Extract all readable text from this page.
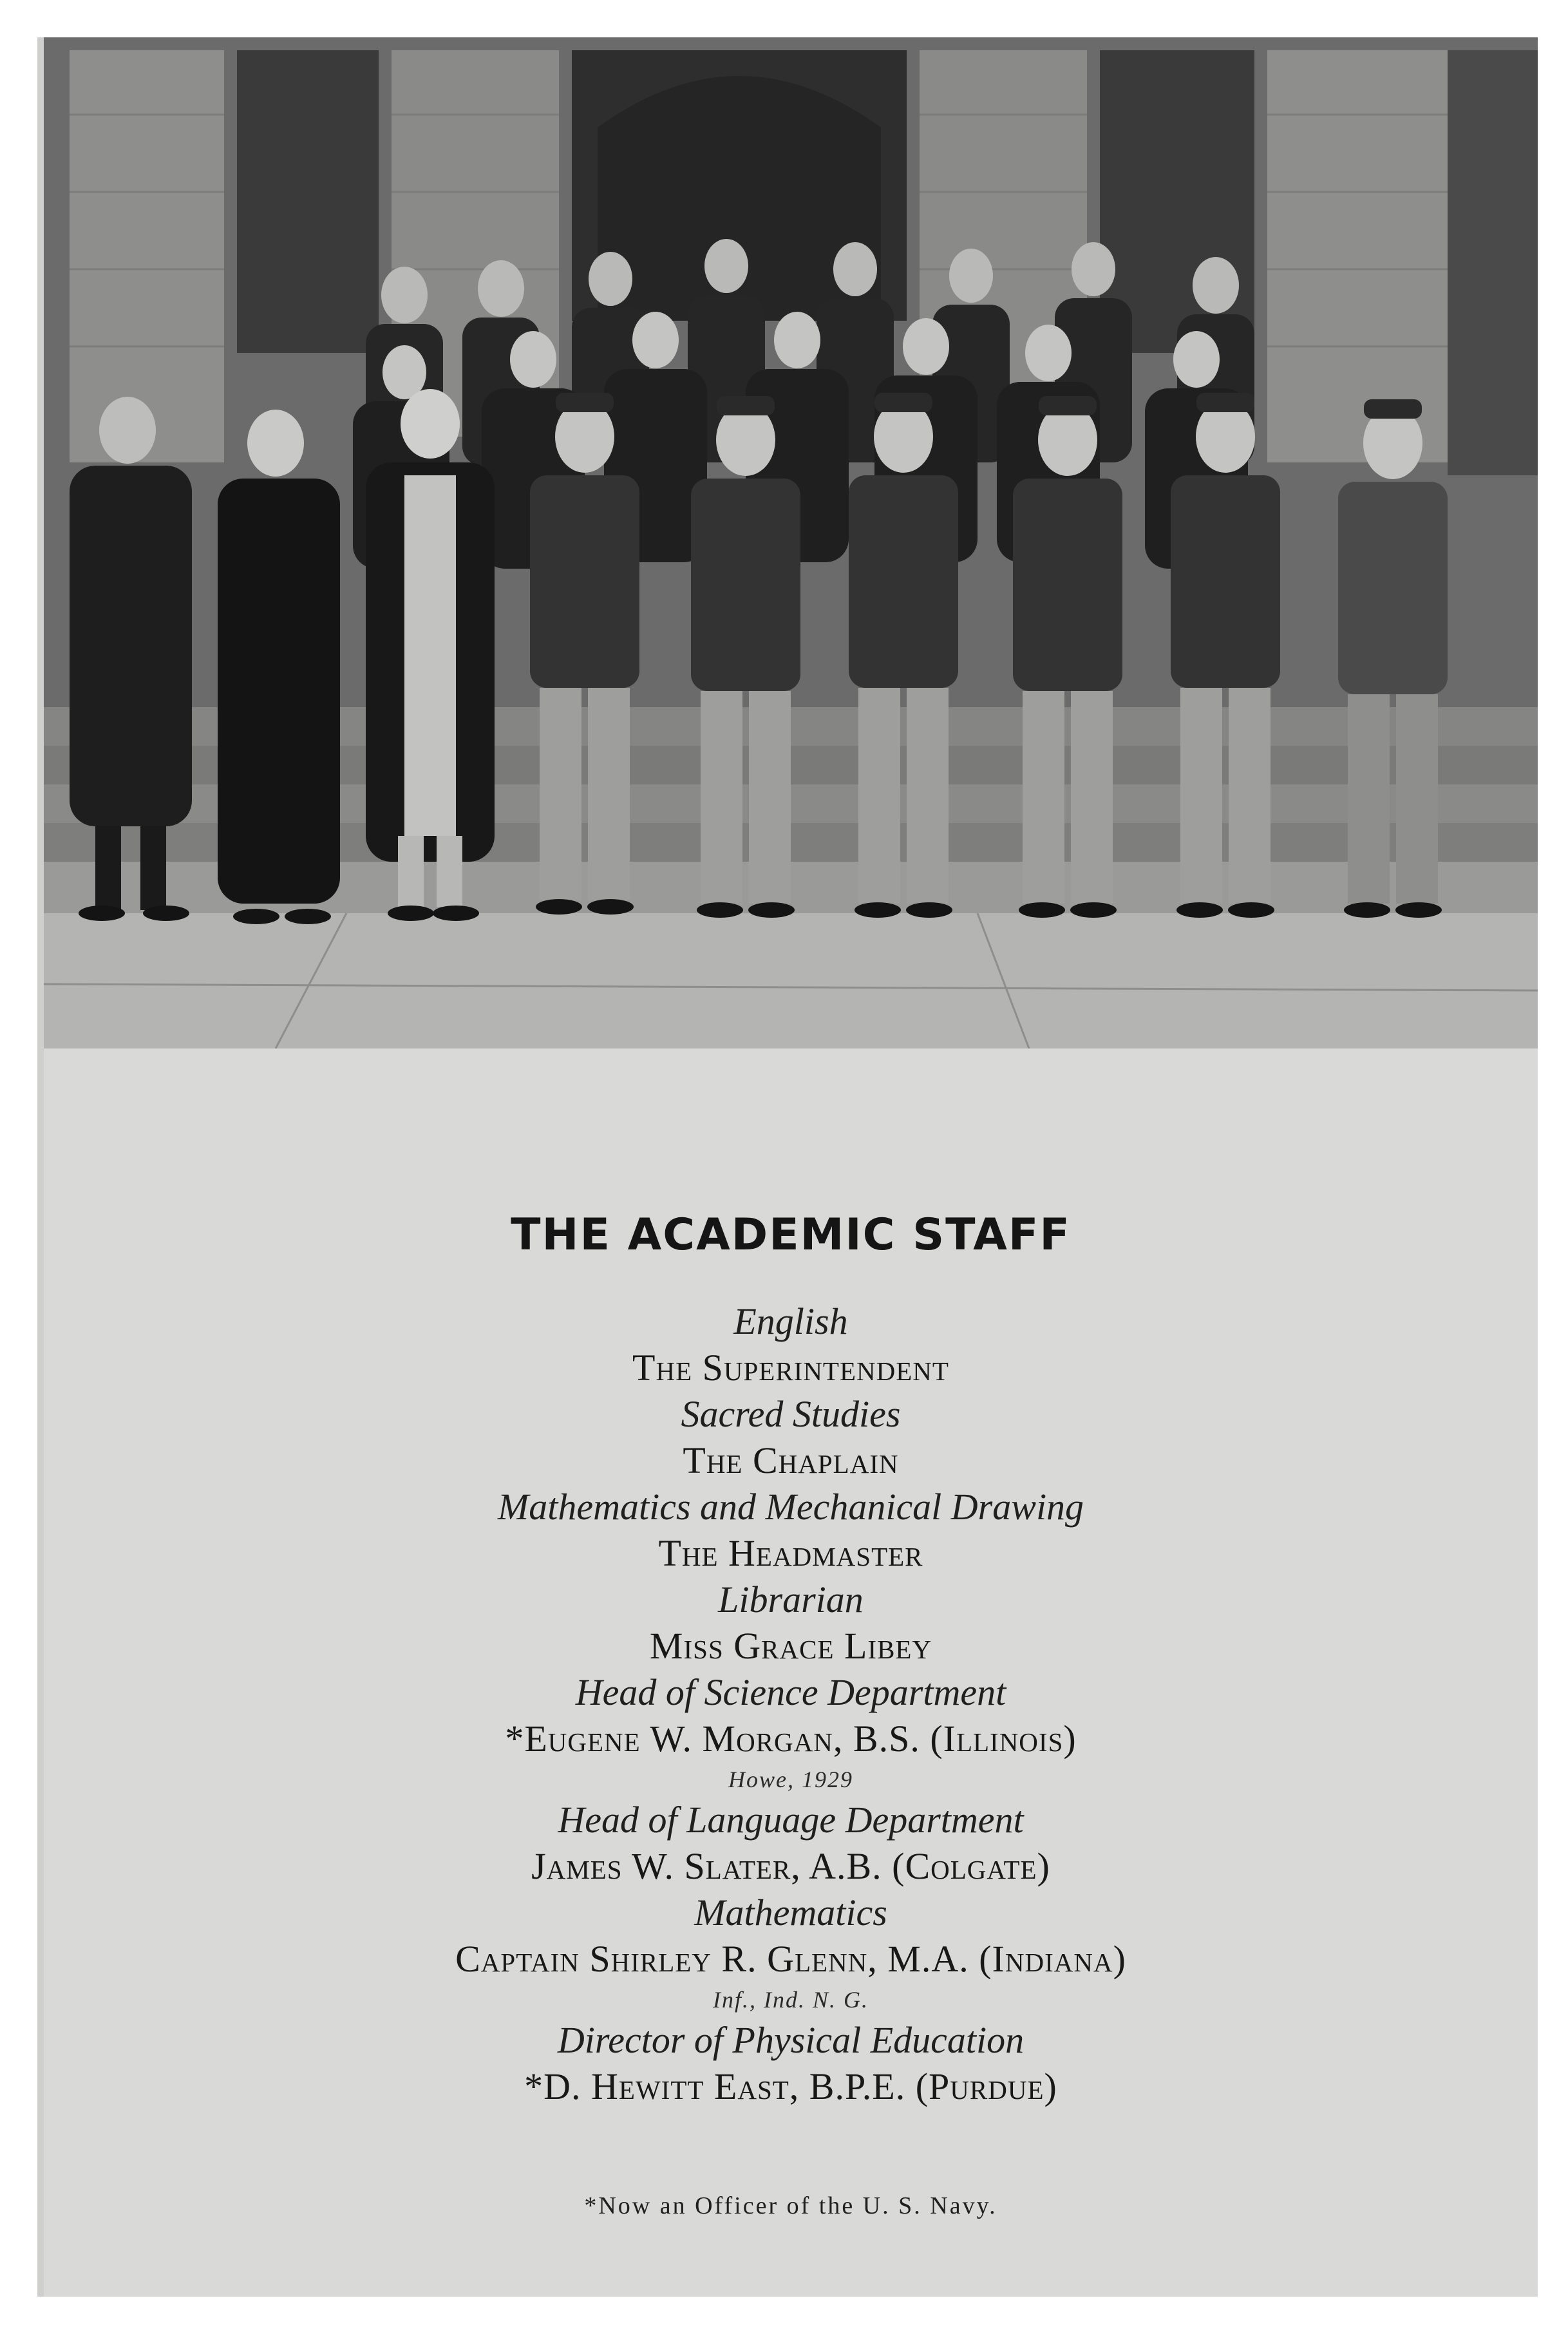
THE ACADEMIC STAFF
English
The Superintendent
Sacred Studies
The Chaplain
Mathematics and Mechanical Drawing
The Headmaster
Librarian
Miss Grace Libey
Head of Science Department
*Eugene W. Morgan, B.S. (Illinois)
Howe, 1929
Head of Language Department
James W. Slater, A.B. (Colgate)
Mathematics
Captain Shirley R. Glenn, M.A. (Indiana)
Inf., Ind. N. G.
Director of Physical Education
*D. Hewitt East, B.P.E. (Purdue)
*Now an Officer of the U. S. Navy.
